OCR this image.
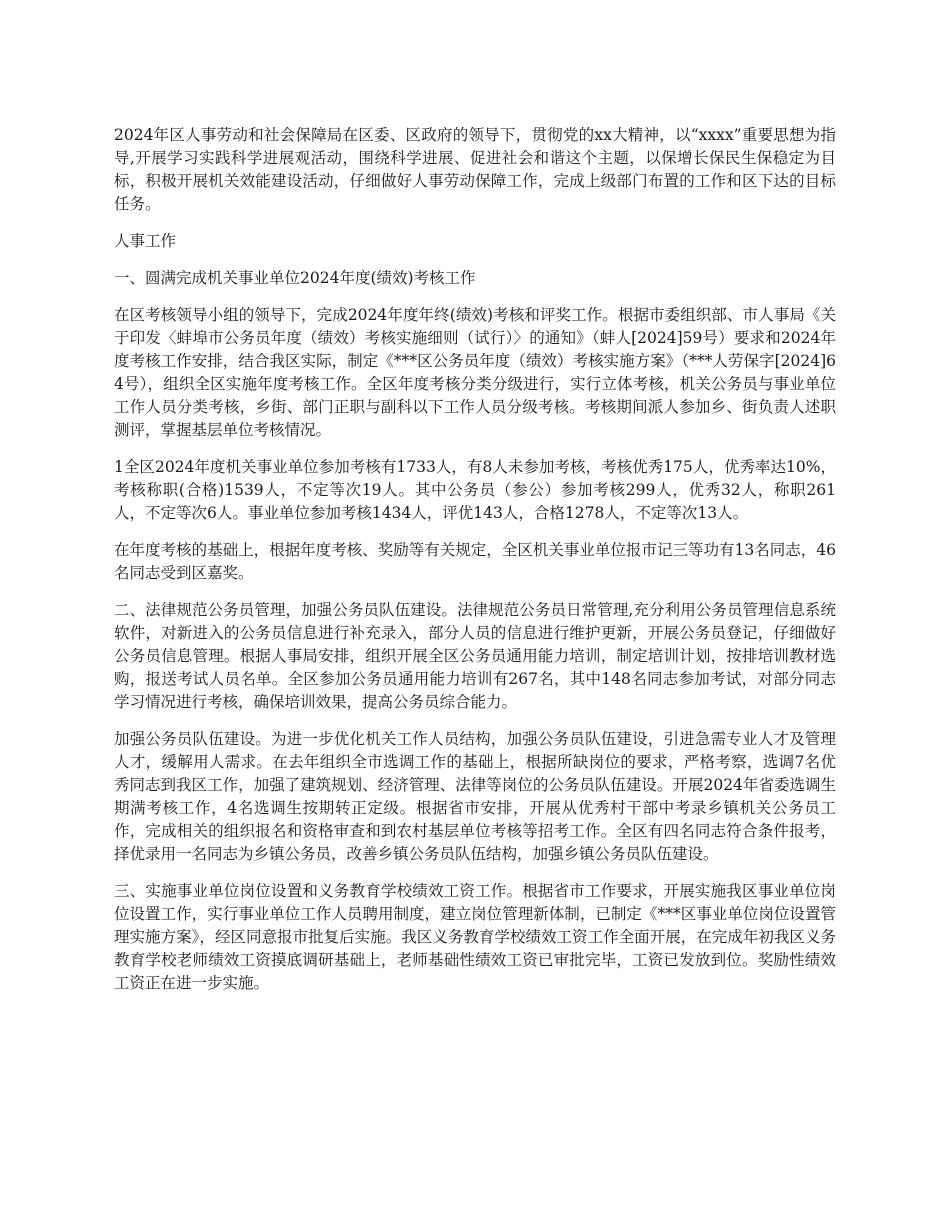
2024年区人事劳动和社会保障局在区委、区政府的领导下，贯彻党的xx大精神，以“xxxx”重要思想为指导,开展学习实践科学进展观活动，围绕科学进展、促进社会和谐这个主题，以保增长保民生保稳定为目标，积极开展机关效能建设活动，仔细做好人事劳动保障工作，完成上级部门布置的工作和区下达的目标任务。

人事工作

一、圆满完成机关事业单位2024年度(绩效)考核工作

在区考核领导小组的领导下，完成2024年度年终(绩效)考核和评奖工作。根据市委组织部、市人事局《关于印发〈蚌埠市公务员年度（绩效）考核实施细则（试行）〉的通知》（蚌人[2024]59号）要求和2024年度考核工作安排，结合我区实际，制定《***区公务员年度（绩效）考核实施方案》（***人劳保字[2024]64号），组织全区实施年度考核工作。全区年度考核分类分级进行，实行立体考核，机关公务员与事业单位工作人员分类考核，乡街、部门正职与副科以下工作人员分级考核。考核期间派人参加乡、街负责人述职测评，掌握基层单位考核情况。

1全区2024年度机关事业单位参加考核有1733人，有8人未参加考核，考核优秀175人，优秀率达10%，考核称职(合格)1539人，不定等次19人。其中公务员（参公）参加考核299人，优秀32人，称职261人，不定等次6人。事业单位参加考核1434人，评优143人，合格1278人，不定等次13人。

在年度考核的基础上，根据年度考核、奖励等有关规定，全区机关事业单位报市记三等功有13名同志，46名同志受到区嘉奖。

二、法律规范公务员管理，加强公务员队伍建设。法律规范公务员日常管理,充分利用公务员管理信息系统软件，对新进入的公务员信息进行补充录入，部分人员的信息进行维护更新，开展公务员登记，仔细做好公务员信息管理。根据人事局安排，组织开展全区公务员通用能力培训，制定培训计划，按排培训教材选购，报送考试人员名单。全区参加公务员通用能力培训有267名，其中148名同志参加考试，对部分同志学习情况进行考核，确保培训效果，提高公务员综合能力。

加强公务员队伍建设。为进一步优化机关工作人员结构，加强公务员队伍建设，引进急需专业人才及管理人才，缓解用人需求。在去年组织全市选调工作的基础上，根据所缺岗位的要求，严格考察，选调7名优秀同志到我区工作，加强了建筑规划、经济管理、法律等岗位的公务员队伍建设。开展2024年省委选调生期满考核工作，4名选调生按期转正定级。根据省市安排，开展从优秀村干部中考录乡镇机关公务员工作，完成相关的组织报名和资格审查和到农村基层单位考核等招考工作。全区有四名同志符合条件报考，择优录用一名同志为乡镇公务员，改善乡镇公务员队伍结构，加强乡镇公务员队伍建设。

三、实施事业单位岗位设置和义务教育学校绩效工资工作。根据省市工作要求，开展实施我区事业单位岗位设置工作，实行事业单位工作人员聘用制度，建立岗位管理新体制，已制定《***区事业单位岗位设置管理实施方案》，经区同意报市批复后实施。我区义务教育学校绩效工资工作全面开展，在完成年初我区义务教育学校老师绩效工资摸底调研基础上，老师基础性绩效工资已审批完毕，工资已发放到位。奖励性绩效工资正在进一步实施。
